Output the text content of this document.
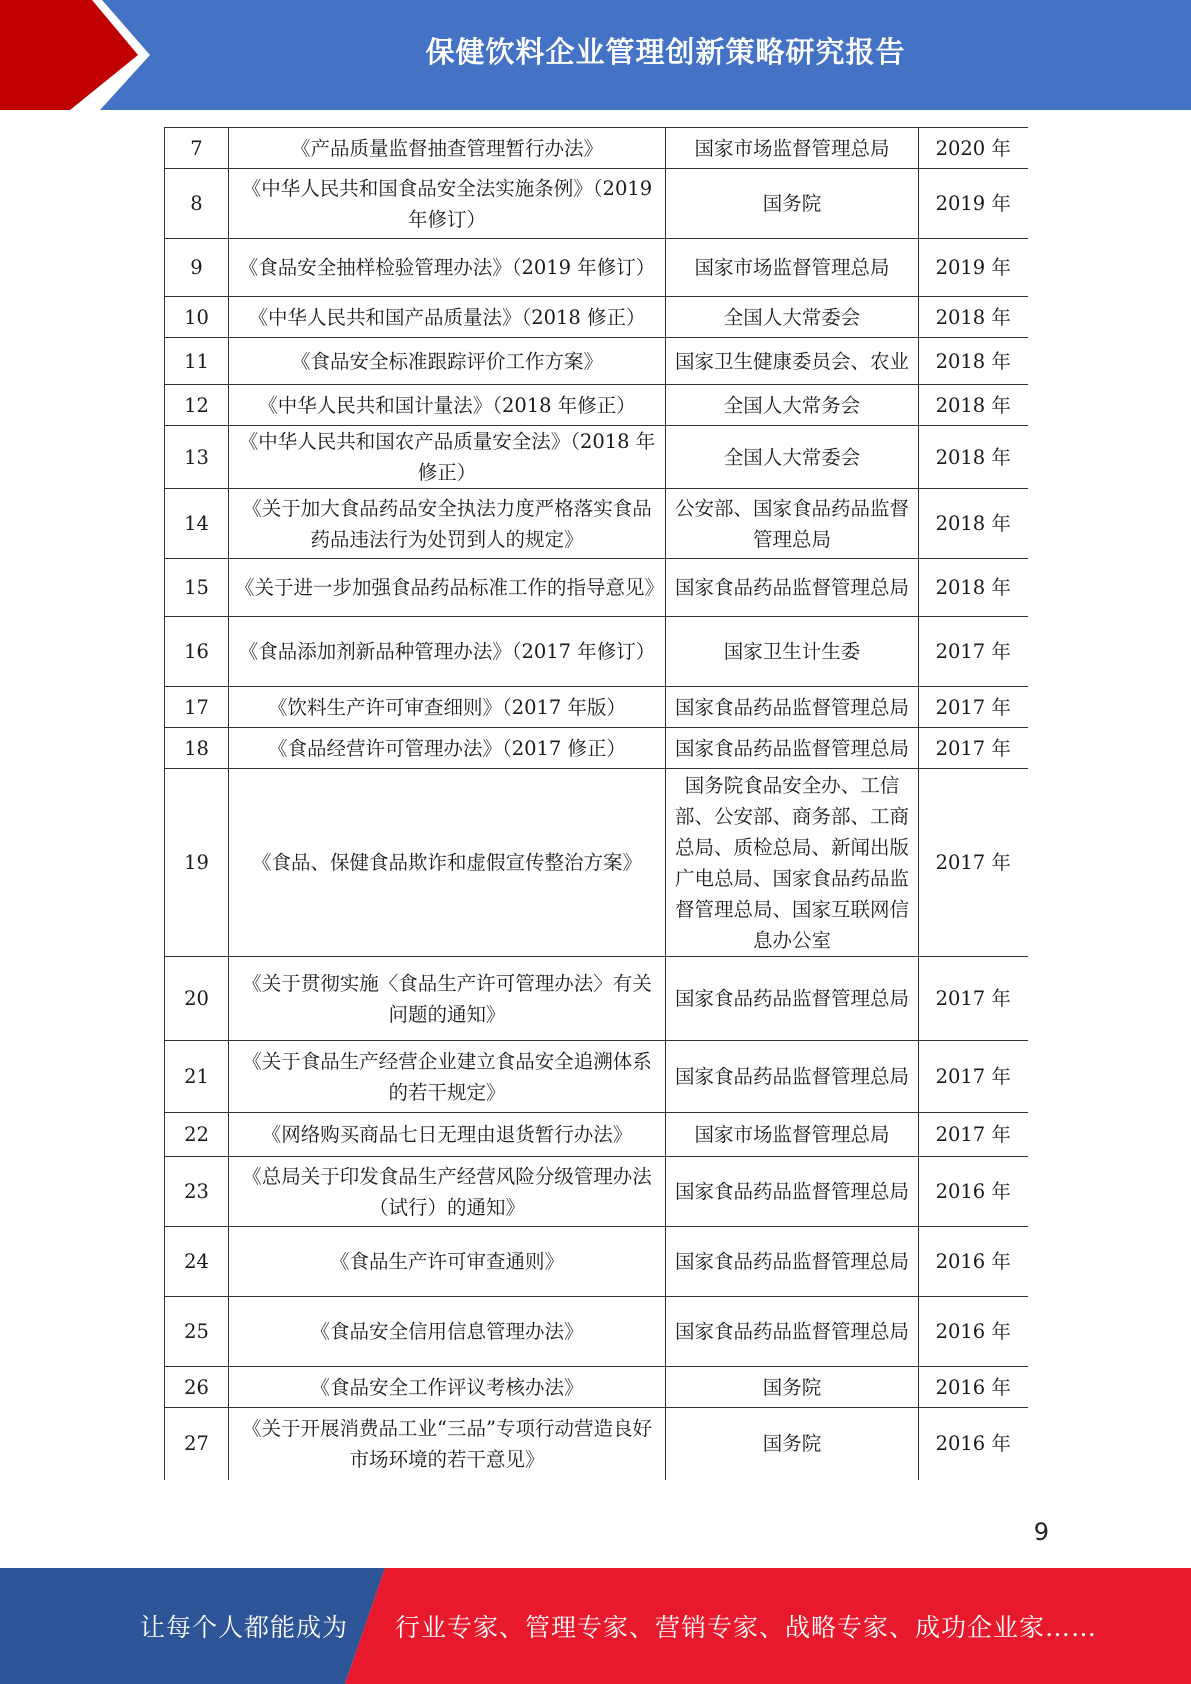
保健饮料企业管理创新策略研究报告
7	《产品质量监督抽查管理暂行办法》	国家市场监督管理总局	2020 年
8	《中华人民共和国食品安全法实施条例》（2019 年修订）	国务院	2019 年
9	《食品安全抽样检验管理办法》（2019 年修订）	国家市场监督管理总局	2019 年
10	《中华人民共和国产品质量法》（2018 修正）	全国人大常委会	2018 年
11	《食品安全标准跟踪评价工作方案》	国家卫生健康委员会、农业	2018 年
12	《中华人民共和国计量法》（2018 年修正）	全国人大常务会	2018 年
13	《中华人民共和国农产品质量安全法》（2018 年修正）	全国人大常委会	2018 年
14	《关于加大食品药品安全执法力度严格落实食品药品违法行为处罚到人的规定》	公安部、国家食品药品监督管理总局	2018 年
15	《关于进一步加强食品药品标准工作的指导意见》	国家食品药品监督管理总局	2018 年
16	《食品添加剂新品种管理办法》（2017 年修订）	国家卫生计生委	2017 年
17	《饮料生产许可审查细则》（2017 年版）	国家食品药品监督管理总局	2017 年
18	《食品经营许可管理办法》（2017 修正）	国家食品药品监督管理总局	2017 年
19	《食品、保健食品欺诈和虚假宣传整治方案》	国务院食品安全办、工信部、公安部、商务部、工商总局、质检总局、新闻出版广电总局、国家食品药品监督管理总局、国家互联网信息办公室	2017 年
20	《关于贯彻实施〈食品生产许可管理办法〉有关问题的通知》	国家食品药品监督管理总局	2017 年
21	《关于食品生产经营企业建立食品安全追溯体系的若干规定》	国家食品药品监督管理总局	2017 年
22	《网络购买商品七日无理由退货暂行办法》	国家市场监督管理总局	2017 年
23	《总局关于印发食品生产经营风险分级管理办法（试行）的通知》	国家食品药品监督管理总局	2016 年
24	《食品生产许可审查通则》	国家食品药品监督管理总局	2016 年
25	《食品安全信用信息管理办法》	国家食品药品监督管理总局	2016 年
26	《食品安全工作评议考核办法》	国务院	2016 年
27	《关于开展消费品工业“三品”专项行动营造良好市场环境的若干意见》	国务院	2016 年
9
让每个人都能成为 行业专家、管理专家、营销专家、战略专家、成功企业家……
